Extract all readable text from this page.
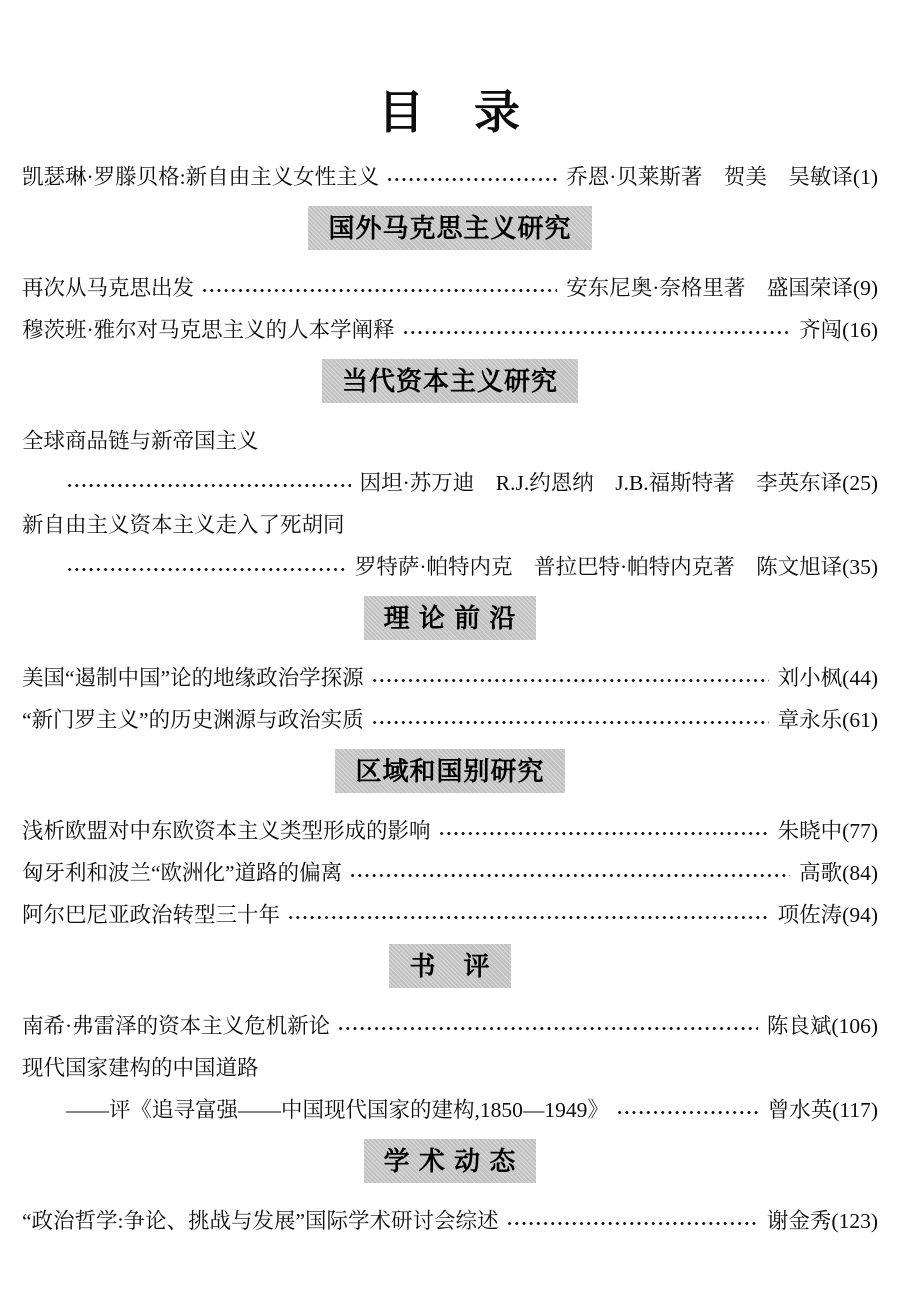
目　录
凯瑟琳·罗滕贝格:新自由主义女性主义	乔恩·贝莱斯著　贺美　吴敏译 (1)
国外马克思主义研究
再次从马克思出发	安东尼奥·奈格里著　盛国荣译 (9)
穆茨班·雅尔对马克思主义的人本学阐释	齐闯 (16)
当代资本主义研究
全球商品链与新帝国主义
因坦·苏万迪　R.J.约恩纳　J.B.福斯特著　李英东译 (25)
新自由主义资本主义走入了死胡同
罗特萨·帕特内克　普拉巴特·帕特内克著　陈文旭译 (35)
理 论 前 沿
美国“遏制中国”论的地缘政治学探源	刘小枫 (44)
“新门罗主义”的历史渊源与政治实质	章永乐 (61)
区域和国别研究
浅析欧盟对中东欧资本主义类型形成的影响	朱晓中 (77)
匈牙利和波兰“欧洲化”道路的偏离	高歌 (84)
阿尔巴尼亚政治转型三十年	项佐涛 (94)
书　评
南希·弗雷泽的资本主义危机新论	陈良斌 (106)
现代国家建构的中国道路
——评《追寻富强——中国现代国家的建构,1850—1949》	曾水英 (117)
学 术 动 态
“政治哲学:争论、挑战与发展”国际学术研讨会综述	谢金秀 (123)
